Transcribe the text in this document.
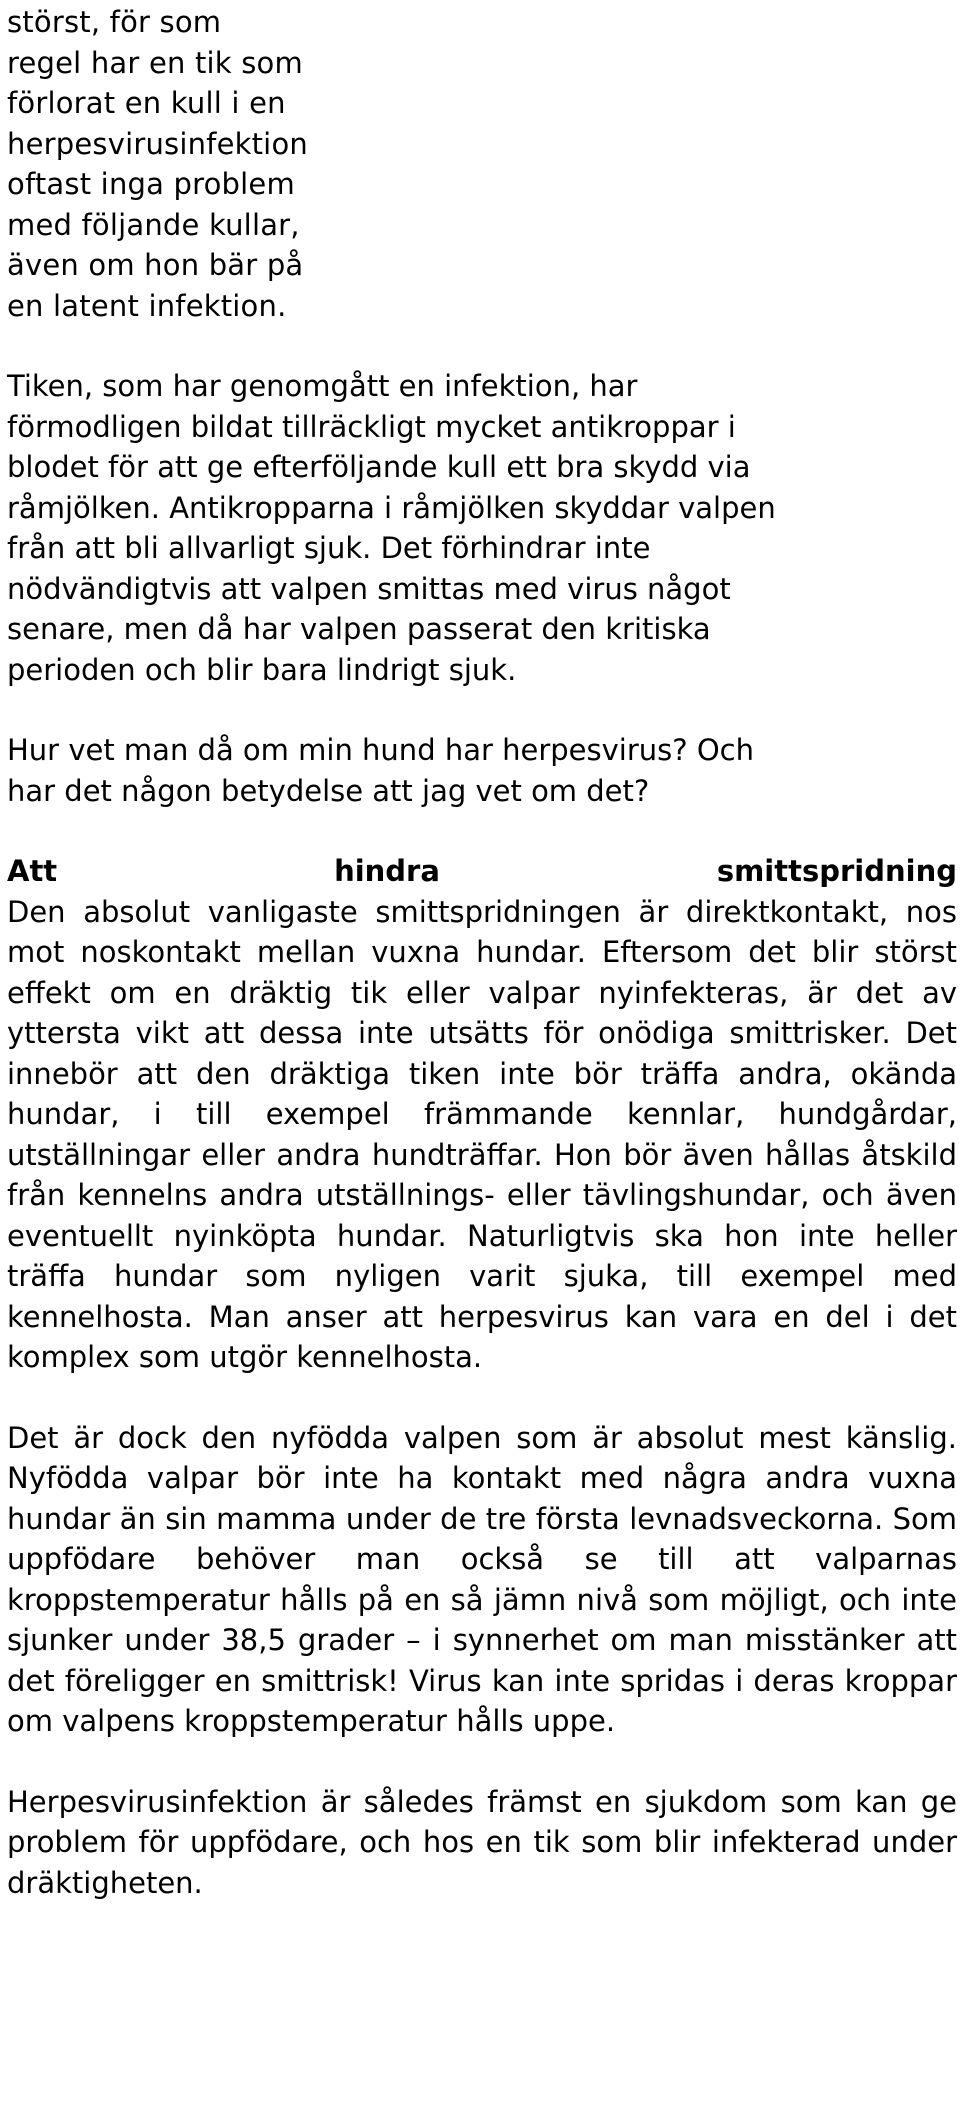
störst, för som
regel har en tik som
förlorat en kull i en
herpesvirusinfektion
oftast inga problem
med följande kullar,
även om hon bär på
en latent infektion.

Tiken, som har genomgått en infektion, har
förmodligen bildat tillräckligt mycket antikroppar i
blodet för att ge efterföljande kull ett bra skydd via
råmjölken. Antikropparna i råmjölken skyddar valpen
från att bli allvarligt sjuk. Det förhindrar inte
nödvändigtvis att valpen smittas med virus något
senare, men då har valpen passerat den kritiska
perioden och blir bara lindrigt sjuk.

Hur vet man då om min hund har herpesvirus? Och
har det någon betydelse att jag vet om det?

Att	hindra	smittspridning

Den absolut vanligaste smittspridningen är direktkontakt, nos mot noskontakt mellan vuxna hundar. Eftersom det blir störst effekt om en dräktig tik eller valpar nyinfekteras, är det av yttersta vikt att dessa inte utsätts för onödiga smittrisker. Det innebör att den dräktiga tiken inte bör träffa andra, okända hundar, i till exempel främmande kennlar, hundgårdar, utställningar eller andra hundträffar. Hon bör även hållas åtskild från kennelns andra utställnings- eller tävlingshundar, och även eventuellt nyinköpta hundar. Naturligtvis ska hon inte heller träffa hundar som nyligen varit sjuka, till exempel med kennelhosta. Man anser att herpesvirus kan vara en del i det komplex som utgör kennelhosta.

Det är dock den nyfödda valpen som är absolut mest känslig. Nyfödda valpar bör inte ha kontakt med några andra vuxna hundar än sin mamma under de tre första levnadsveckorna. Som uppfödare behöver man också se till att valparnas kroppstemperatur hålls på en så jämn nivå som möjligt, och inte sjunker under 38,5 grader – i synnerhet om man misstänker att det föreligger en smittrisk! Virus kan inte spridas i deras kroppar om valpens kroppstemperatur hålls uppe.

Herpesvirusinfektion är således främst en sjukdom som kan ge problem för uppfödare, och hos en tik som blir infekterad under dräktigheten.
